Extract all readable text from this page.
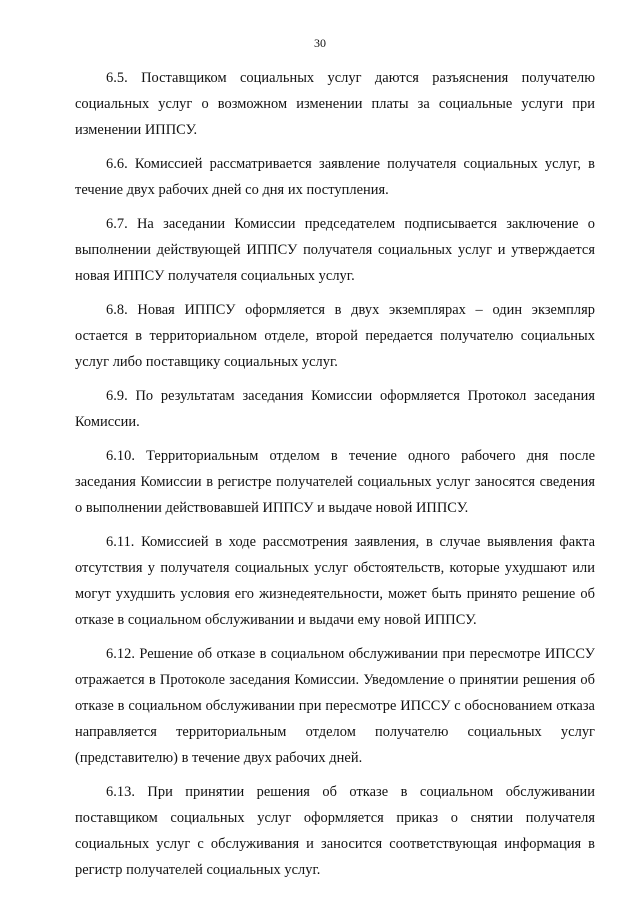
30

6.5. Поставщиком социальных услуг даются разъяснения получателю социальных услуг о возможном изменении платы за социальные услуги при изменении ИППСУ.

6.6. Комиссией рассматривается заявление получателя социальных услуг, в течение двух рабочих дней со дня их поступления.

6.7. На заседании Комиссии председателем подписывается заключение о выполнении действующей ИППСУ получателя социальных услуг и утверждается новая ИППСУ получателя социальных услуг.

6.8. Новая ИППСУ оформляется в двух экземплярах – один экземпляр остается в территориальном отделе, второй передается получателю социальных услуг либо поставщику социальных услуг.

6.9. По результатам заседания Комиссии оформляется Протокол заседания Комиссии.

6.10. Территориальным отделом в течение одного рабочего дня после заседания Комиссии в регистре получателей социальных услуг заносятся сведения о выполнении действовавшей ИППСУ и выдаче новой ИППСУ.

6.11. Комиссией в ходе рассмотрения заявления, в случае выявления факта отсутствия у получателя социальных услуг обстоятельств, которые ухудшают или могут ухудшить условия его жизнедеятельности, может быть принято решение об отказе в социальном обслуживании и выдачи ему новой ИППСУ.

6.12. Решение об отказе в социальном обслуживании при пересмотре ИПССУ отражается в Протоколе заседания Комиссии. Уведомление о принятии решения об отказе в социальном обслуживании при пересмотре ИПССУ с обоснованием отказа направляется территориальным отделом получателю социальных услуг (представителю) в течение двух рабочих дней.

6.13. При принятии решения об отказе в социальном обслуживании поставщиком социальных услуг оформляется приказ о снятии получателя социальных услуг с обслуживания и заносится соответствующая информация в регистр получателей социальных услуг.
